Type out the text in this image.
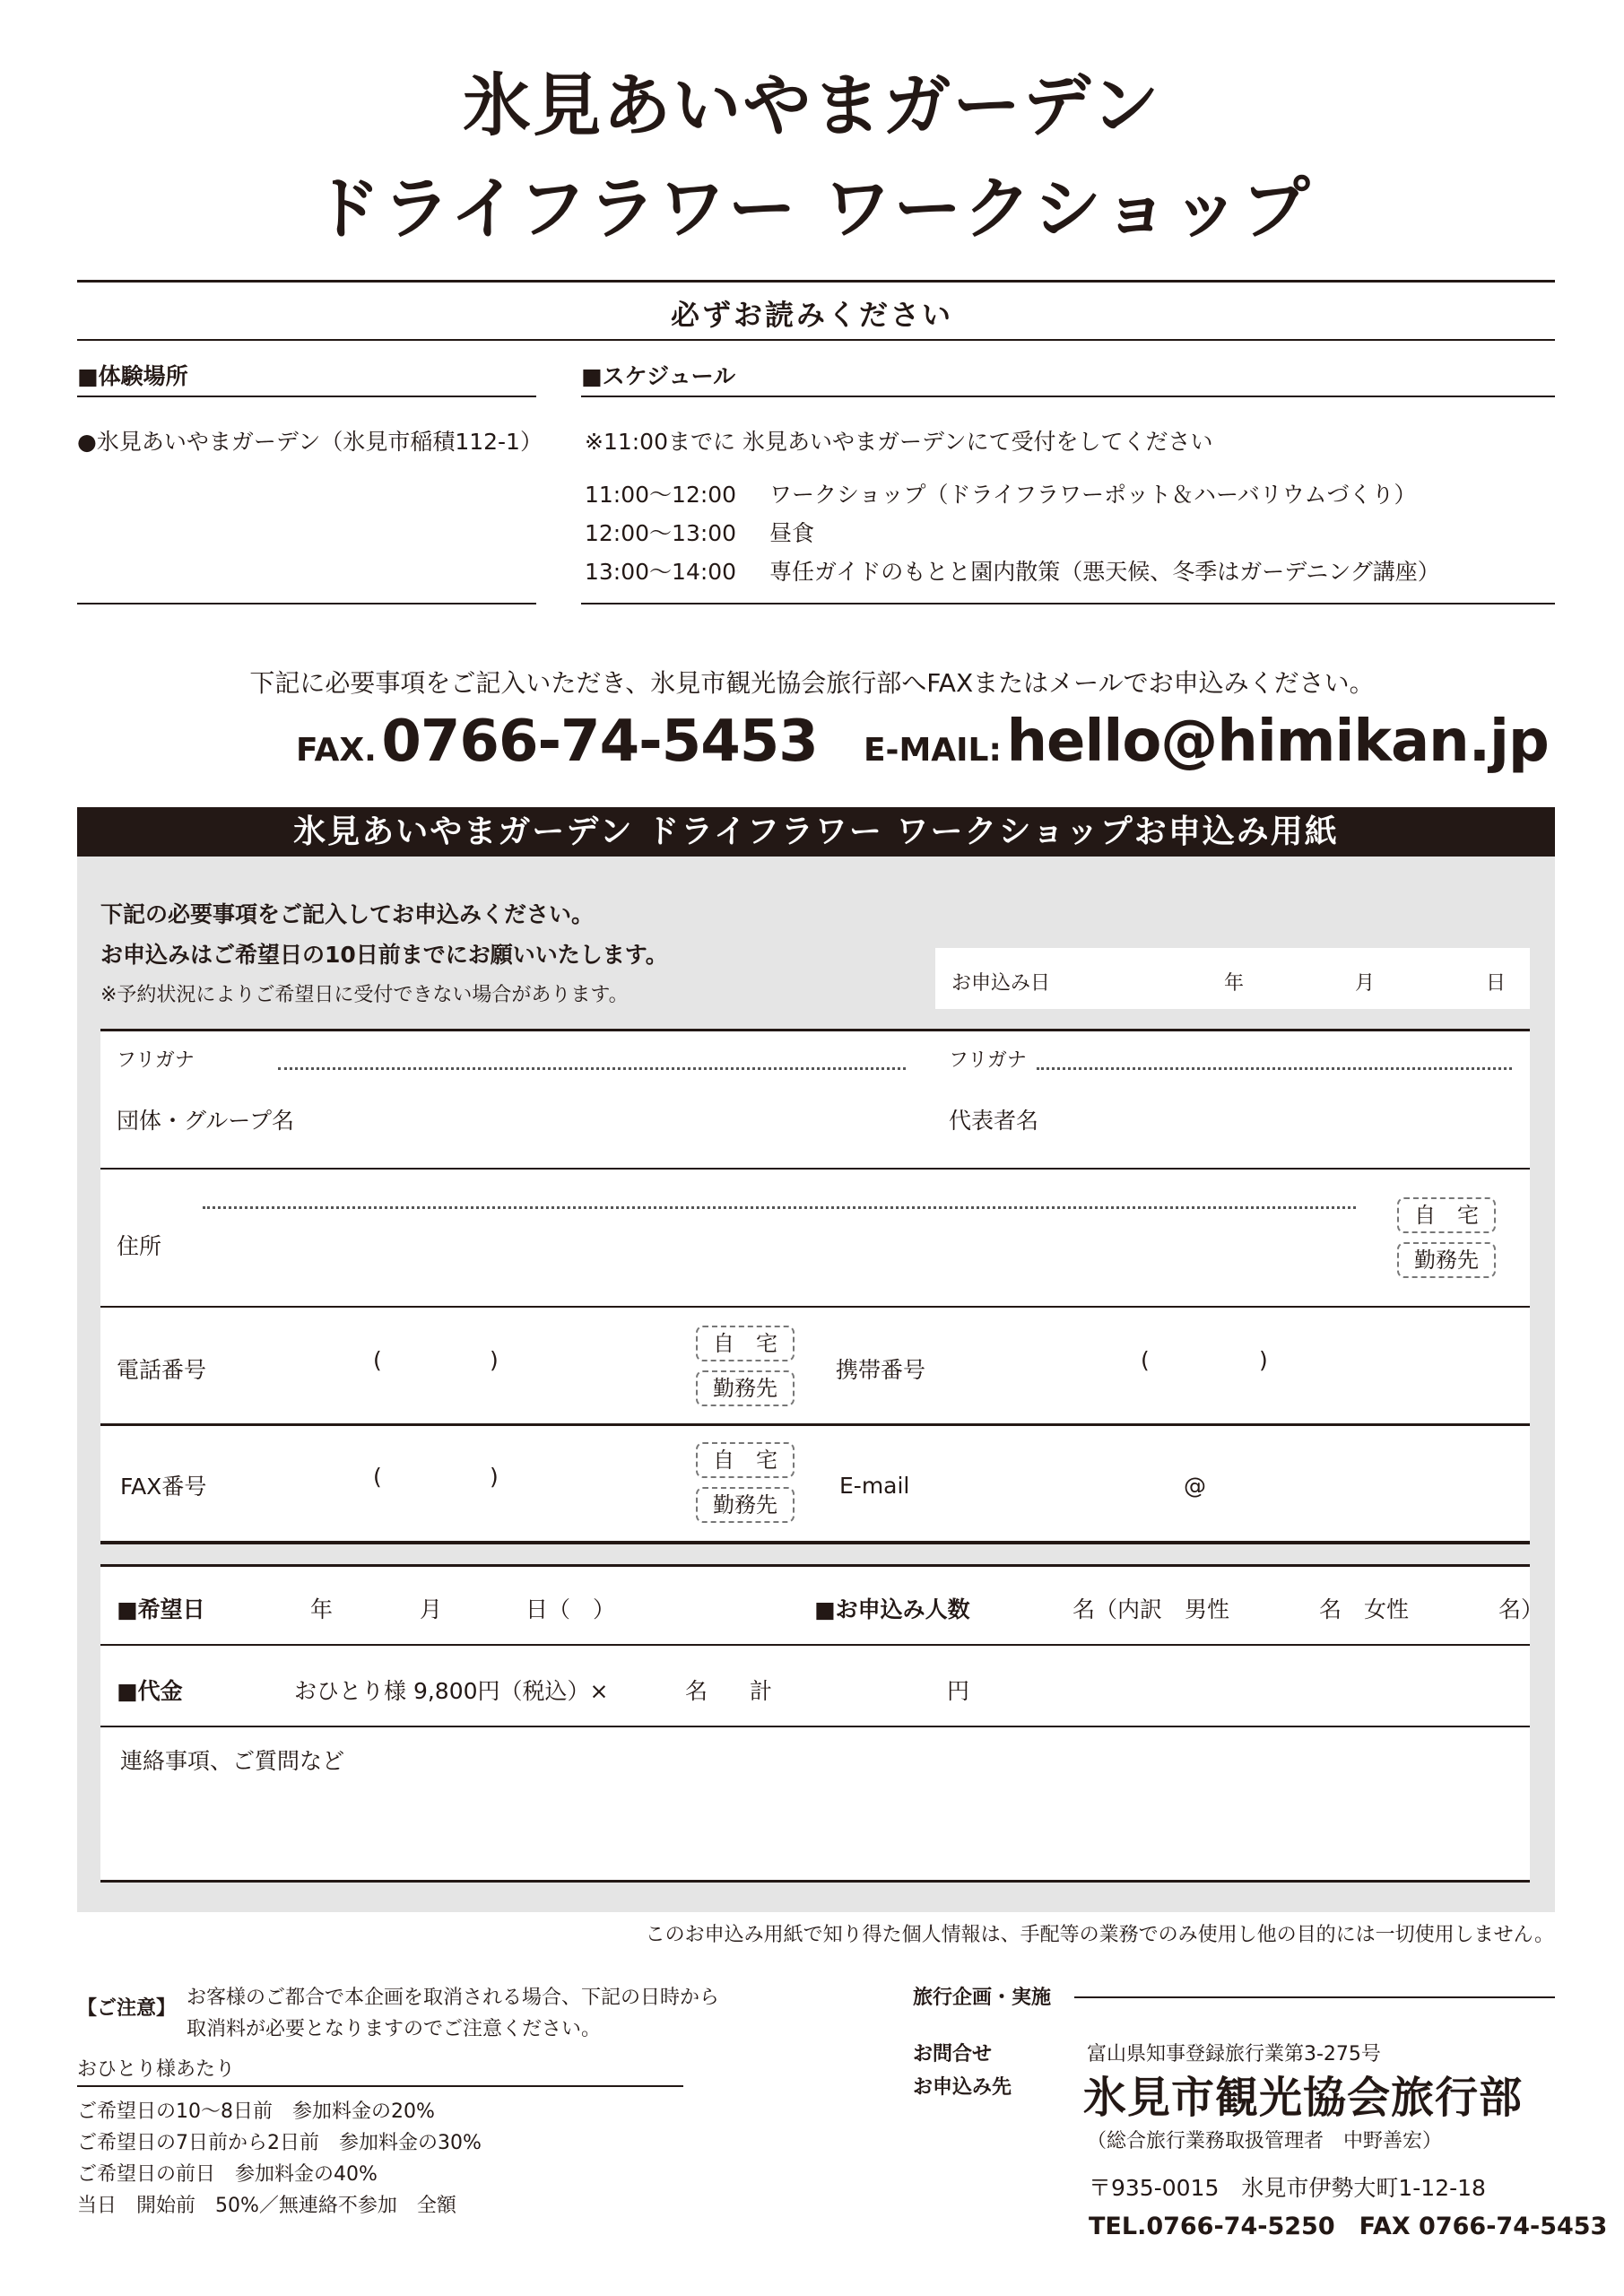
氷見あいやまガーデン
ドライフラワー ワークショップ
必ずお読みください
■体験場所
●氷見あいやまガーデン（氷見市稲積112-1）
■スケジュール
※11:00までに 氷見あいやまガーデンにて受付をしてください
11:00〜12:00 ワークショップ（ドライフラワーポット＆ハーバリウムづくり）
12:00〜13:00 昼食
13:00〜14:00 専任ガイドのもとと園内散策（悪天候、冬季はガーデニング講座）
下記に必要事項をご記入いただき、氷見市観光協会旅行部へFAXまたはメールでお申込みください。
FAX. 0766-74-5453 E-MAIL: hello@himikan.jp
氷見あいやまガーデン ドライフラワー ワークショップお申込み用紙
下記の必要事項をご記入してお申込みください。
お申込みはご希望日の10日前までにお願いいたします。
※予約状況によりご希望日に受付できない場合があります。
お申込み日	年	月	日
フリガナ
団体・グループ名
フリガナ
代表者名
住所
自　宅
勤務先
電話番号	(	)
自　宅
勤務先
携帯番号	(	)
FAX番号	(	)
自　宅
勤務先
E-mail	@
■希望日	年	月	日（　）	■お申込み人数	名（内訳　男性　　　　名　女性　　　　名）
■代金	おひとり様 9,800円（税込）×	名 計	円
連絡事項、ご質問など
このお申込み用紙で知り得た個人情報は、手配等の業務でのみ使用し他の目的には一切使用しません。
【ご注意】 お客様のご都合で本企画を取消される場合、下記の日時から
取消料が必要となりますのでご注意ください。
おひとり様あたり
ご希望日の10〜8日前　参加料金の20%
ご希望日の7日前から2日前　参加料金の30%
ご希望日の前日　参加料金の40%
当日　開始前　50%／無連絡不参加　全額
旅行企画・実施
お問合せ
お申込み先
富山県知事登録旅行業第3-275号
氷見市観光協会旅行部
（総合旅行業務取扱管理者　中野善宏）
〒935-0015　氷見市伊勢大町1-12-18
TEL.0766-74-5250　FAX 0766-74-5453
